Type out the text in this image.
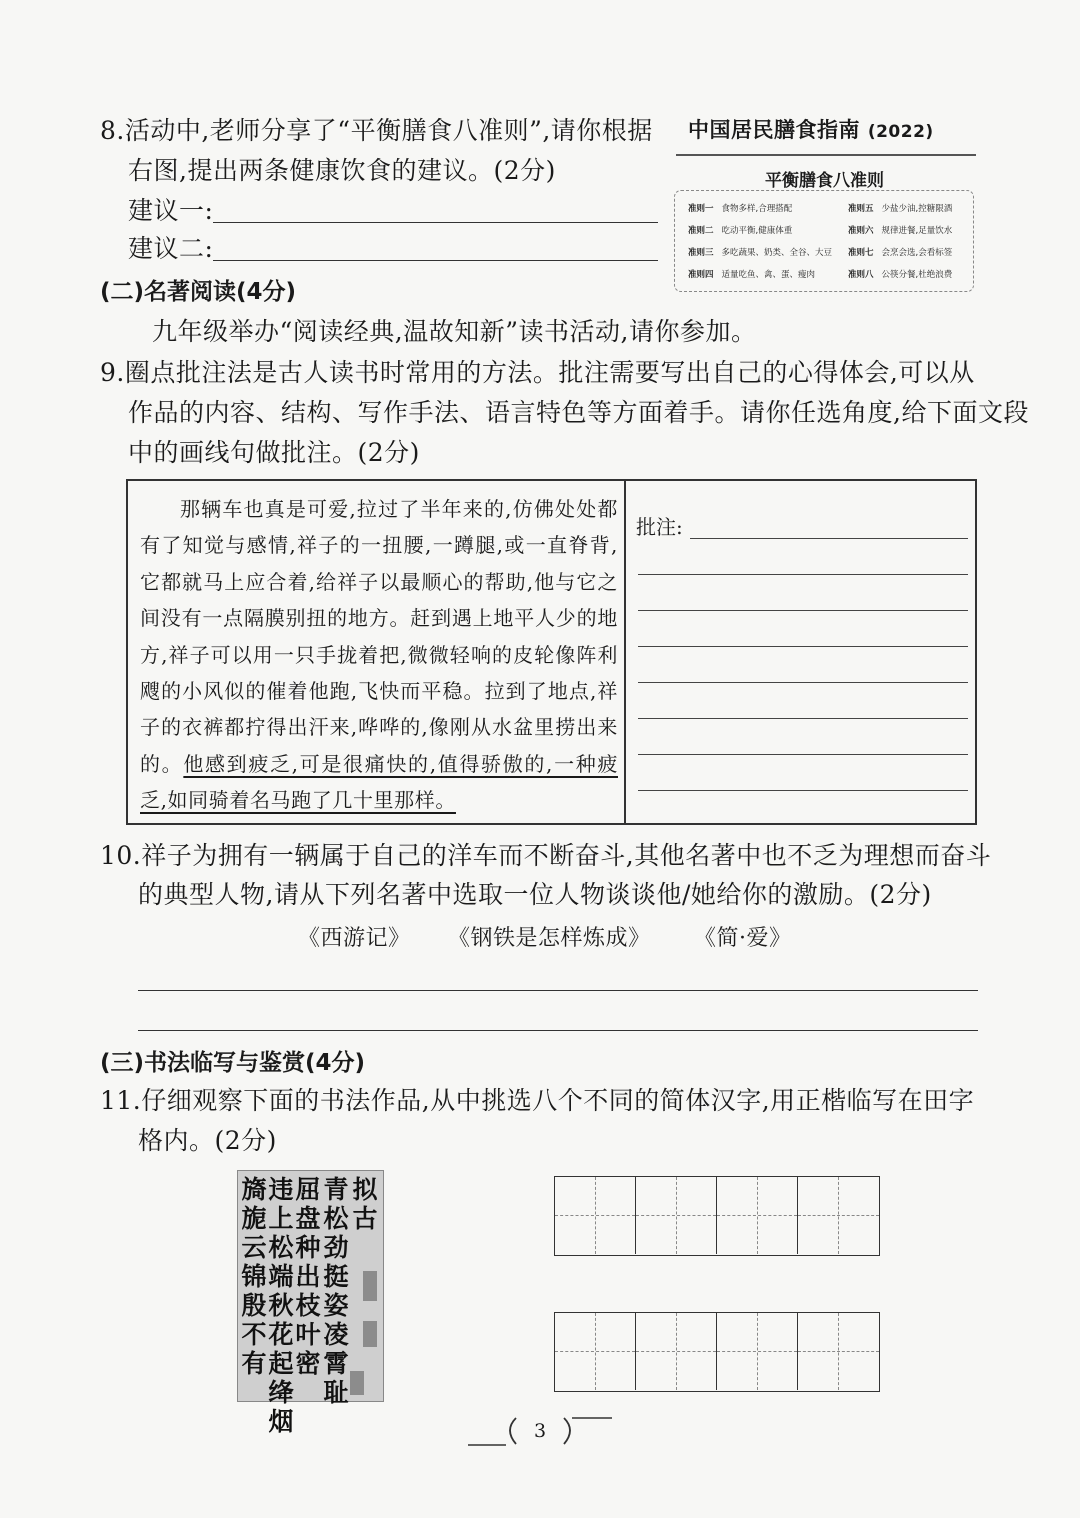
8.活动中,老师分享了“平衡膳食八准则”,请你根据
右图,提出两条健康饮食的建议。(2分)
建议一:
建议二:
中国居民膳食指南 (2022)
平衡膳食八准则
准则一 食物多样,合理搭配
准则二 吃动平衡,健康体重
准则三 多吃蔬果、奶类、全谷、大豆
准则四 适量吃鱼、禽、蛋、瘦肉
准则五 少盐少油,控糖限酒
准则六 规律进餐,足量饮水
准则七 会烹会选,会看标签
准则八 公筷分餐,杜绝浪费
(二)名著阅读(4分)
九年级举办“阅读经典,温故知新”读书活动,请你参加。
9.圈点批注法是古人读书时常用的方法。批注需要写出自己的心得体会,可以从
作品的内容、结构、写作手法、语言特色等方面着手。请你任选角度,给下面文段
中的画线句做批注。(2分)
那辆车也真是可爱,拉过了半年来的,仿佛处处都有了知觉与感情,祥子的一扭腰,一蹲腿,或一直脊背,它都就马上应合着,给祥子以最顺心的帮助,他与它之间没有一点隔膜别扭的地方。赶到遇上地平人少的地方,祥子可以用一只手拢着把,微微轻响的皮轮像阵利飕的小风似的催着他跑,飞快而平稳。拉到了地点,祥子的衣裤都拧得出汗来,哗哗的,像刚从水盆里捞出来的。他感到疲乏,可是很痛快的,值得骄傲的,一种疲乏,如同骑着名马跑了几十里那样。
批注:
10.祥子为拥有一辆属于自己的洋车而不断奋斗,其他名著中也不乏为理想而奋斗
的典型人物,请从下列名著中选取一位人物谈谈他/她给你的激励。(2分)
《西游记》 《钢铁是怎样炼成》 《简·爱》
(三)书法临写与鉴赏(4分)
11.仔细观察下面的书法作品,从中挑选八个不同的简体汉字,用正楷临写在田字
格内。(2分)
拟古
青松劲挺姿凌霄耻
屈盘种出枝叶密
违上松端秋花起绛烟
旖旎云锦殷不有
3
